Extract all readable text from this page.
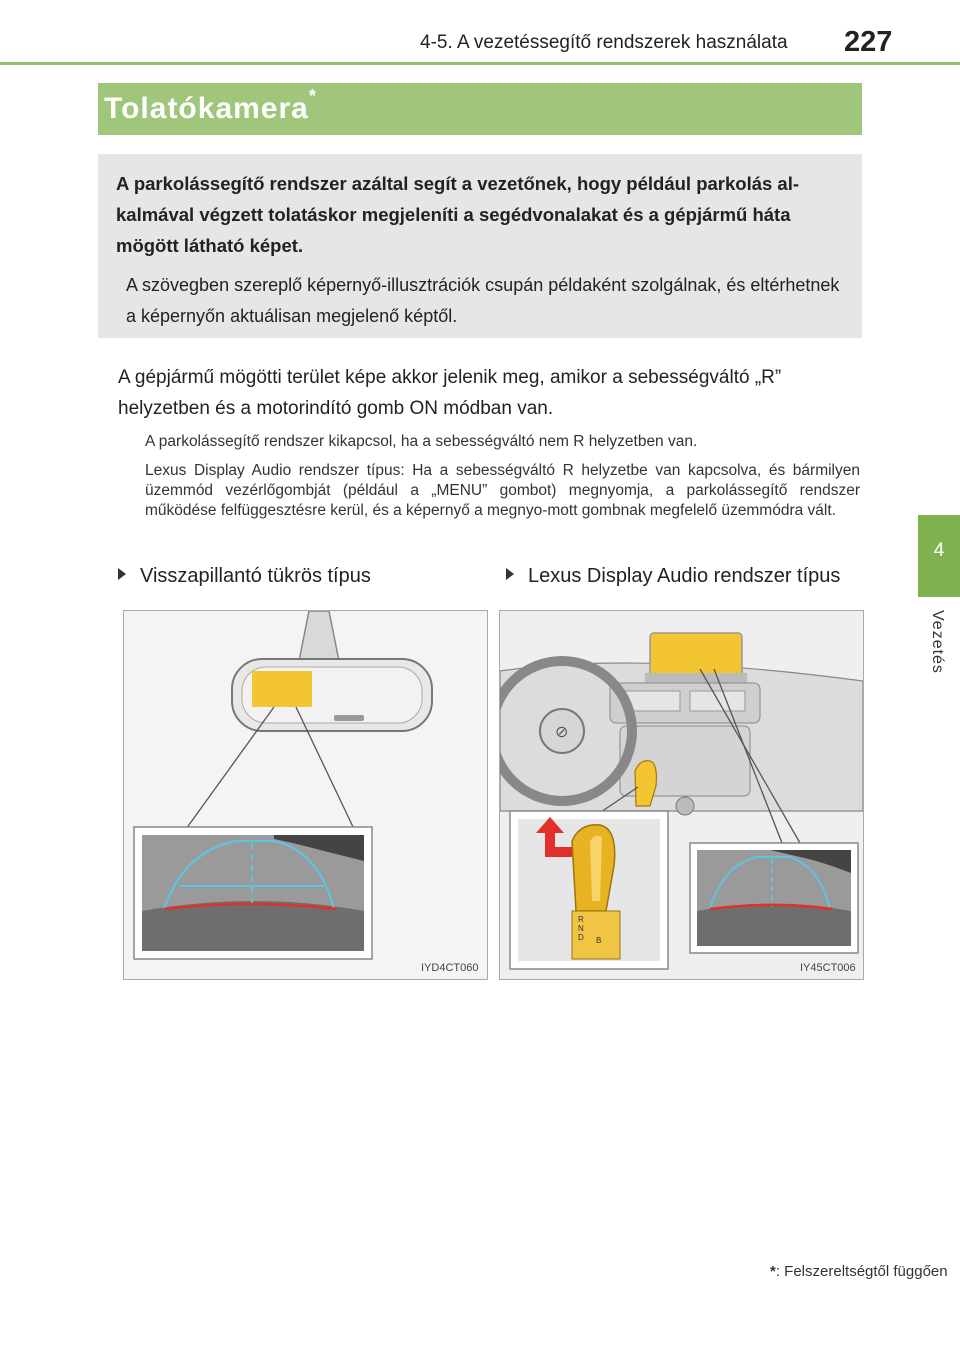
4-5. A vezetéssegítő rendszerek használata 227
4
Vezetés
Tolatókamera*
A parkolássegítő rendszer azáltal segít a vezetőnek, hogy például parkolás al-kalmával végzett tolatáskor megjeleníti a segédvonalakat és a gépjármű háta mögött látható képet.
A szövegben szereplő képernyő-illusztrációk csupán példaként szolgálnak, és eltérhetnek a képernyőn aktuálisan megjelenő képtől.
A gépjármű mögötti terület képe akkor jelenik meg, amikor a sebességváltó „R” helyzetben és a motorindító gomb ON módban van.
A parkolássegítő rendszer kikapcsol, ha a sebességváltó nem R helyzetben van.
Lexus Display Audio rendszer típus: Ha a sebességváltó R helyzetbe van kapcsolva, és bármilyen üzemmód vezérlőgombját (például a „MENU” gombot) megnyomja, a parkolássegítő rendszer működése felfüggesztésre kerül, és a képernyő a megnyo-mott gombnak megfelelő üzemmódra vált.
Visszapillantó tükrös típus	Lexus Display Audio rendszer típus
IYD4CT060
⊘
R
N
D	B
IY45CT006
*: Felszereltségtől függően
